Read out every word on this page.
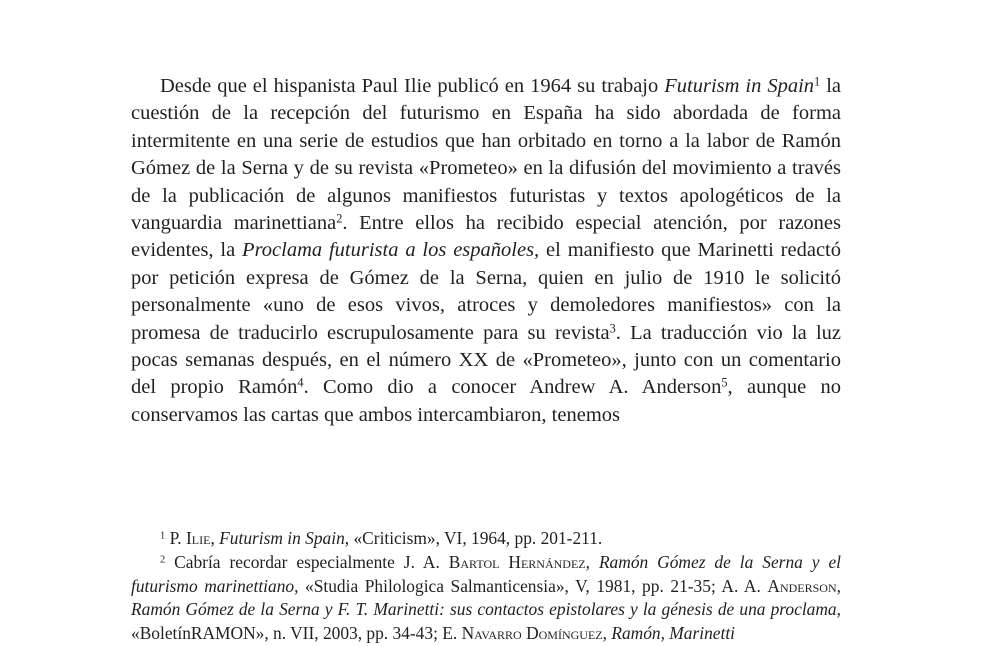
Desde que el hispanista Paul Ilie publicó en 1964 su trabajo Futurism in Spain$^1$ la cuestión de la recepción del futurismo en España ha sido abordada de forma intermitente en una serie de estudios que han orbitado en torno a la labor de Ramón Gómez de la Serna y de su revista «Prometeo» en la difusión del movimiento a través de la publicación de algunos manifiestos futuristas y textos apologéticos de la vanguardia marinettiana$^2$. Entre ellos ha recibido especial atención, por razones evidentes, la Proclama futurista a los españoles, el manifiesto que Marinetti redactó por petición expresa de Gómez de la Serna, quien en julio de 1910 le solicitó personalmente «uno de esos vivos, atroces y demoledores manifiestos» con la promesa de traducirlo escrupulosamente para su revista$^3$. La traducción vio la luz pocas semanas después, en el número XX de «Prometeo», junto con un comentario del propio Ramón$^4$. Como dio a conocer Andrew A. Anderson$^5$, aunque no conservamos las cartas que ambos intercambiaron, tenemos

$^1$ P. Ilie, Futurism in Spain, «Criticism», VI, 1964, pp. 201-211.

$^2$ Cabría recordar especialmente J. A. Bartol Hernández, Ramón Gómez de la Serna y el futurismo marinettiano, «Studia Philologica Salmanticensia», V, 1981, pp. 21-35; A. A. Anderson, Ramón Gómez de la Serna y F. T. Marinetti: sus contactos epistolares y la génesis de una proclama, «BoletínRAMON», n. VII, 2003, pp. 34-43; E. Navarro Domínguez, Ramón, Marinetti
